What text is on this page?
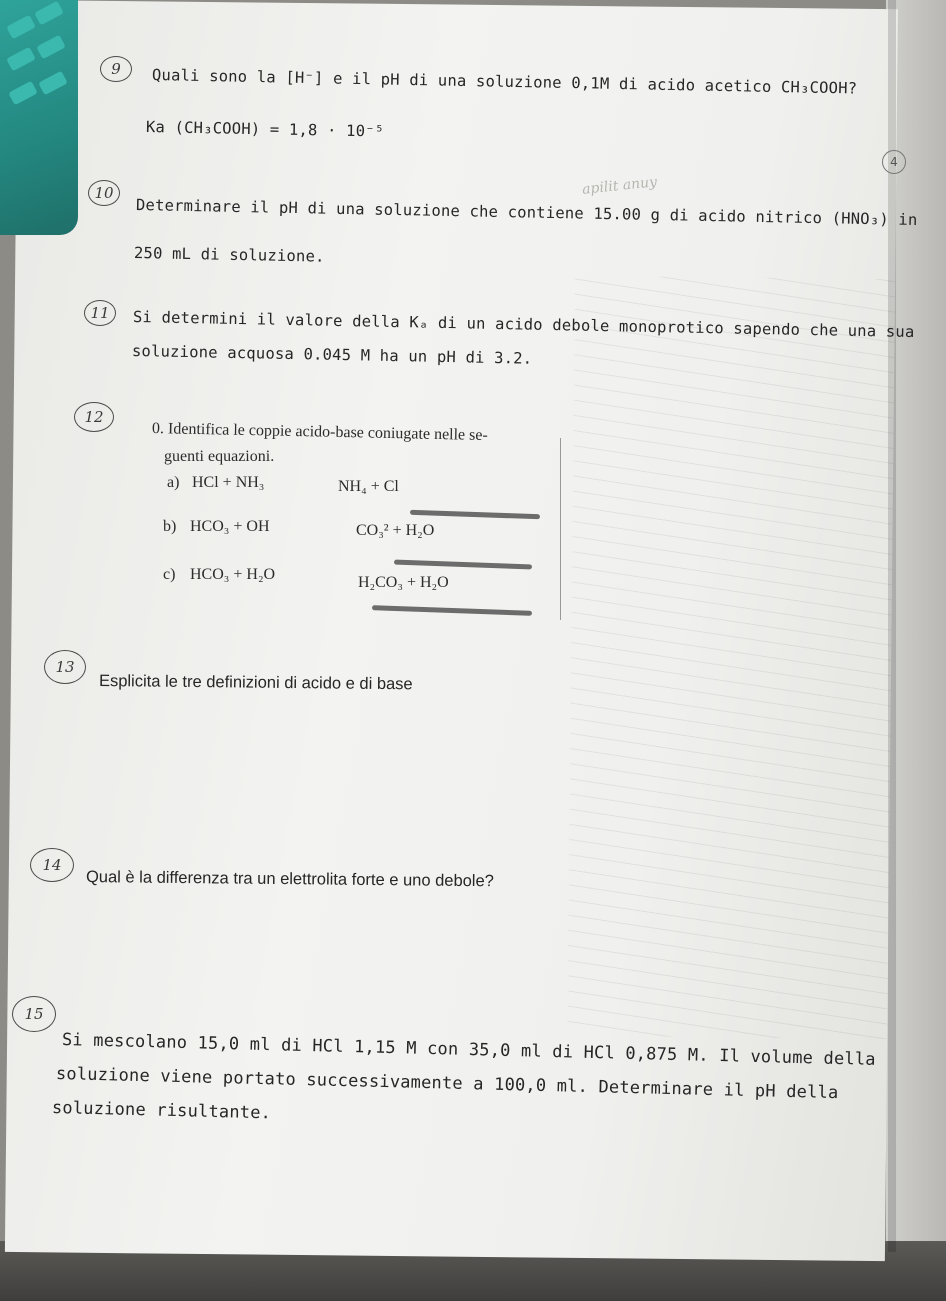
4
9	Quali sono la [H⁻] e il pH di una soluzione 0,1M di acido acetico CH₃COOH?
Ka (CH₃COOH) = 1,8 · 10⁻⁵
apilit anuy
10
Determinare il pH di una soluzione che contiene 15.00 g di acido nitrico (HNO₃) in
250 mL di soluzione.
11	Si determini il valore della Kₐ di un acido debole monoprotico sapendo che una sua
soluzione acquosa 0.045 M ha un pH di 3.2.
12
0. Identifica le coppie acido-base coniugate nelle se-
guenti equazioni.
a) HCl + NH₃	NH₄ + Cl
b) HCO₃ + OH	CO₃² + H₂O
c) HCO₃ + H₂O	H₂CO₃ + H₂O
13
Esplicita le tre definizioni di acido e di base
14
Qual è la differenza tra un elettrolita forte e uno debole?
15
Si mescolano 15,0 ml di HCl 1,15 M con 35,0 ml di HCl 0,875 M. Il volume della
soluzione viene portato successivamente a 100,0 ml. Determinare il pH della
soluzione risultante.
